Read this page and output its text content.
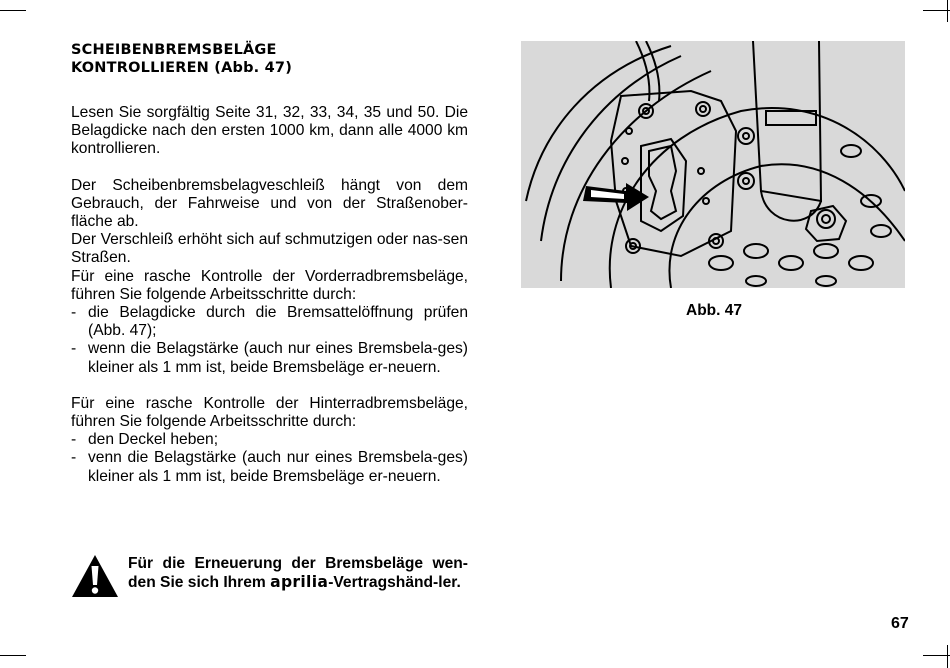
SCHEIBENBREMSBELÄGE
KONTROLLIEREN (Abb. 47)

Lesen Sie sorgfältig Seite 31, 32, 33, 34, 35 und 50. Die Belagdicke nach den ersten 1000 km, dann alle 4000 km kontrollieren.

Der Scheibenbremsbelagveschleiß hängt von dem Gebrauch, der Fahrweise und von der Straßenober-fläche ab.

Der Verschleiß erhöht sich auf schmutzigen oder nas-sen Straßen.

Für eine rasche Kontrolle der Vorderradbremsbeläge, führen Sie folgende Arbeitsschritte durch:

- die Belagdicke durch die Bremsattelöffnung prüfen (Abb. 47);
- wenn die Belagstärke (auch nur eines Bremsbela-ges) kleiner als 1 mm ist, beide Bremsbeläge er-neuern.

Für eine rasche Kontrolle der Hinterradbremsbeläge, führen Sie folgende Arbeitsschritte durch:

- den Deckel heben;
- venn die Belagstärke (auch nur eines Bremsbela-ges) kleiner als 1 mm ist, beide Bremsbeläge er-neuern.
Für die Erneuerung der Bremsbeläge wen-den Sie sich Ihrem aprilia-Vertragshänd-ler.
Abb. 47
67
